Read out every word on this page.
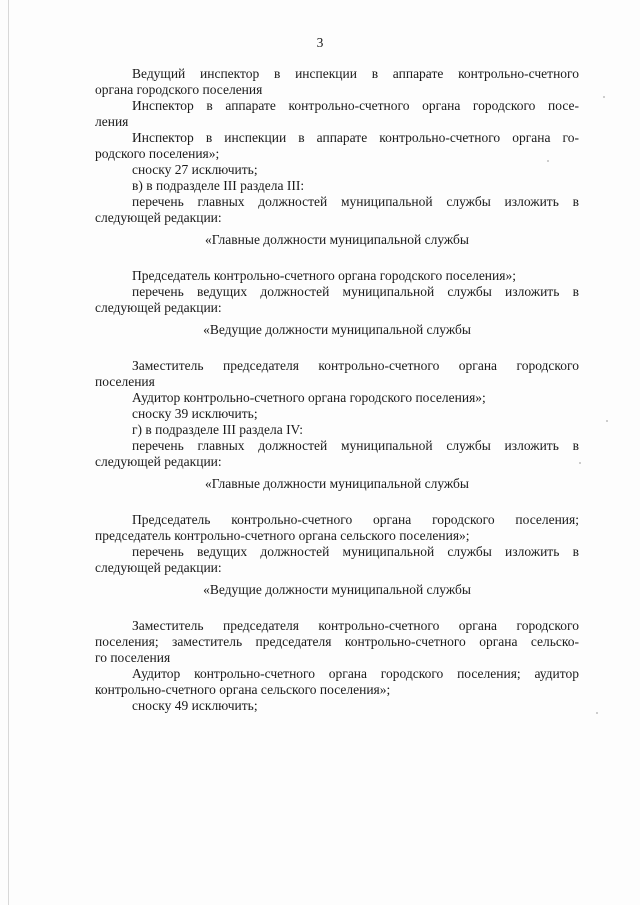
3
Ведущий инспектор в инспекции в аппарате контрольно-счетного
органа городского поселения
Инспектор в аппарате контрольно-счетного органа городского посе-
ления
Инспектор в инспекции в аппарате контрольно-счетного органа го-
родского поселения»;
сноску 27 исключить;
в) в подразделе III раздела III:
перечень главных должностей муниципальной службы изложить в
следующей редакции:
«Главные должности муниципальной службы
Председатель контрольно-счетного органа городского поселения»;
перечень ведущих должностей муниципальной службы изложить в
следующей редакции:
«Ведущие должности муниципальной службы
Заместитель председателя контрольно-счетного органа городского
поселения
Аудитор контрольно-счетного органа городского поселения»;
сноску 39 исключить;
г) в подразделе III раздела IV:
перечень главных должностей муниципальной службы изложить в
следующей редакции:
«Главные должности муниципальной службы
Председатель контрольно-счетного органа городского поселения;
председатель контрольно-счетного органа сельского поселения»;
перечень ведущих должностей муниципальной службы изложить в
следующей редакции:
«Ведущие должности муниципальной службы
Заместитель председателя контрольно-счетного органа городского
поселения; заместитель председателя контрольно-счетного органа сельско-
го поселения
Аудитор контрольно-счетного органа городского поселения; аудитор
контрольно-счетного органа сельского поселения»;
сноску 49 исключить;
